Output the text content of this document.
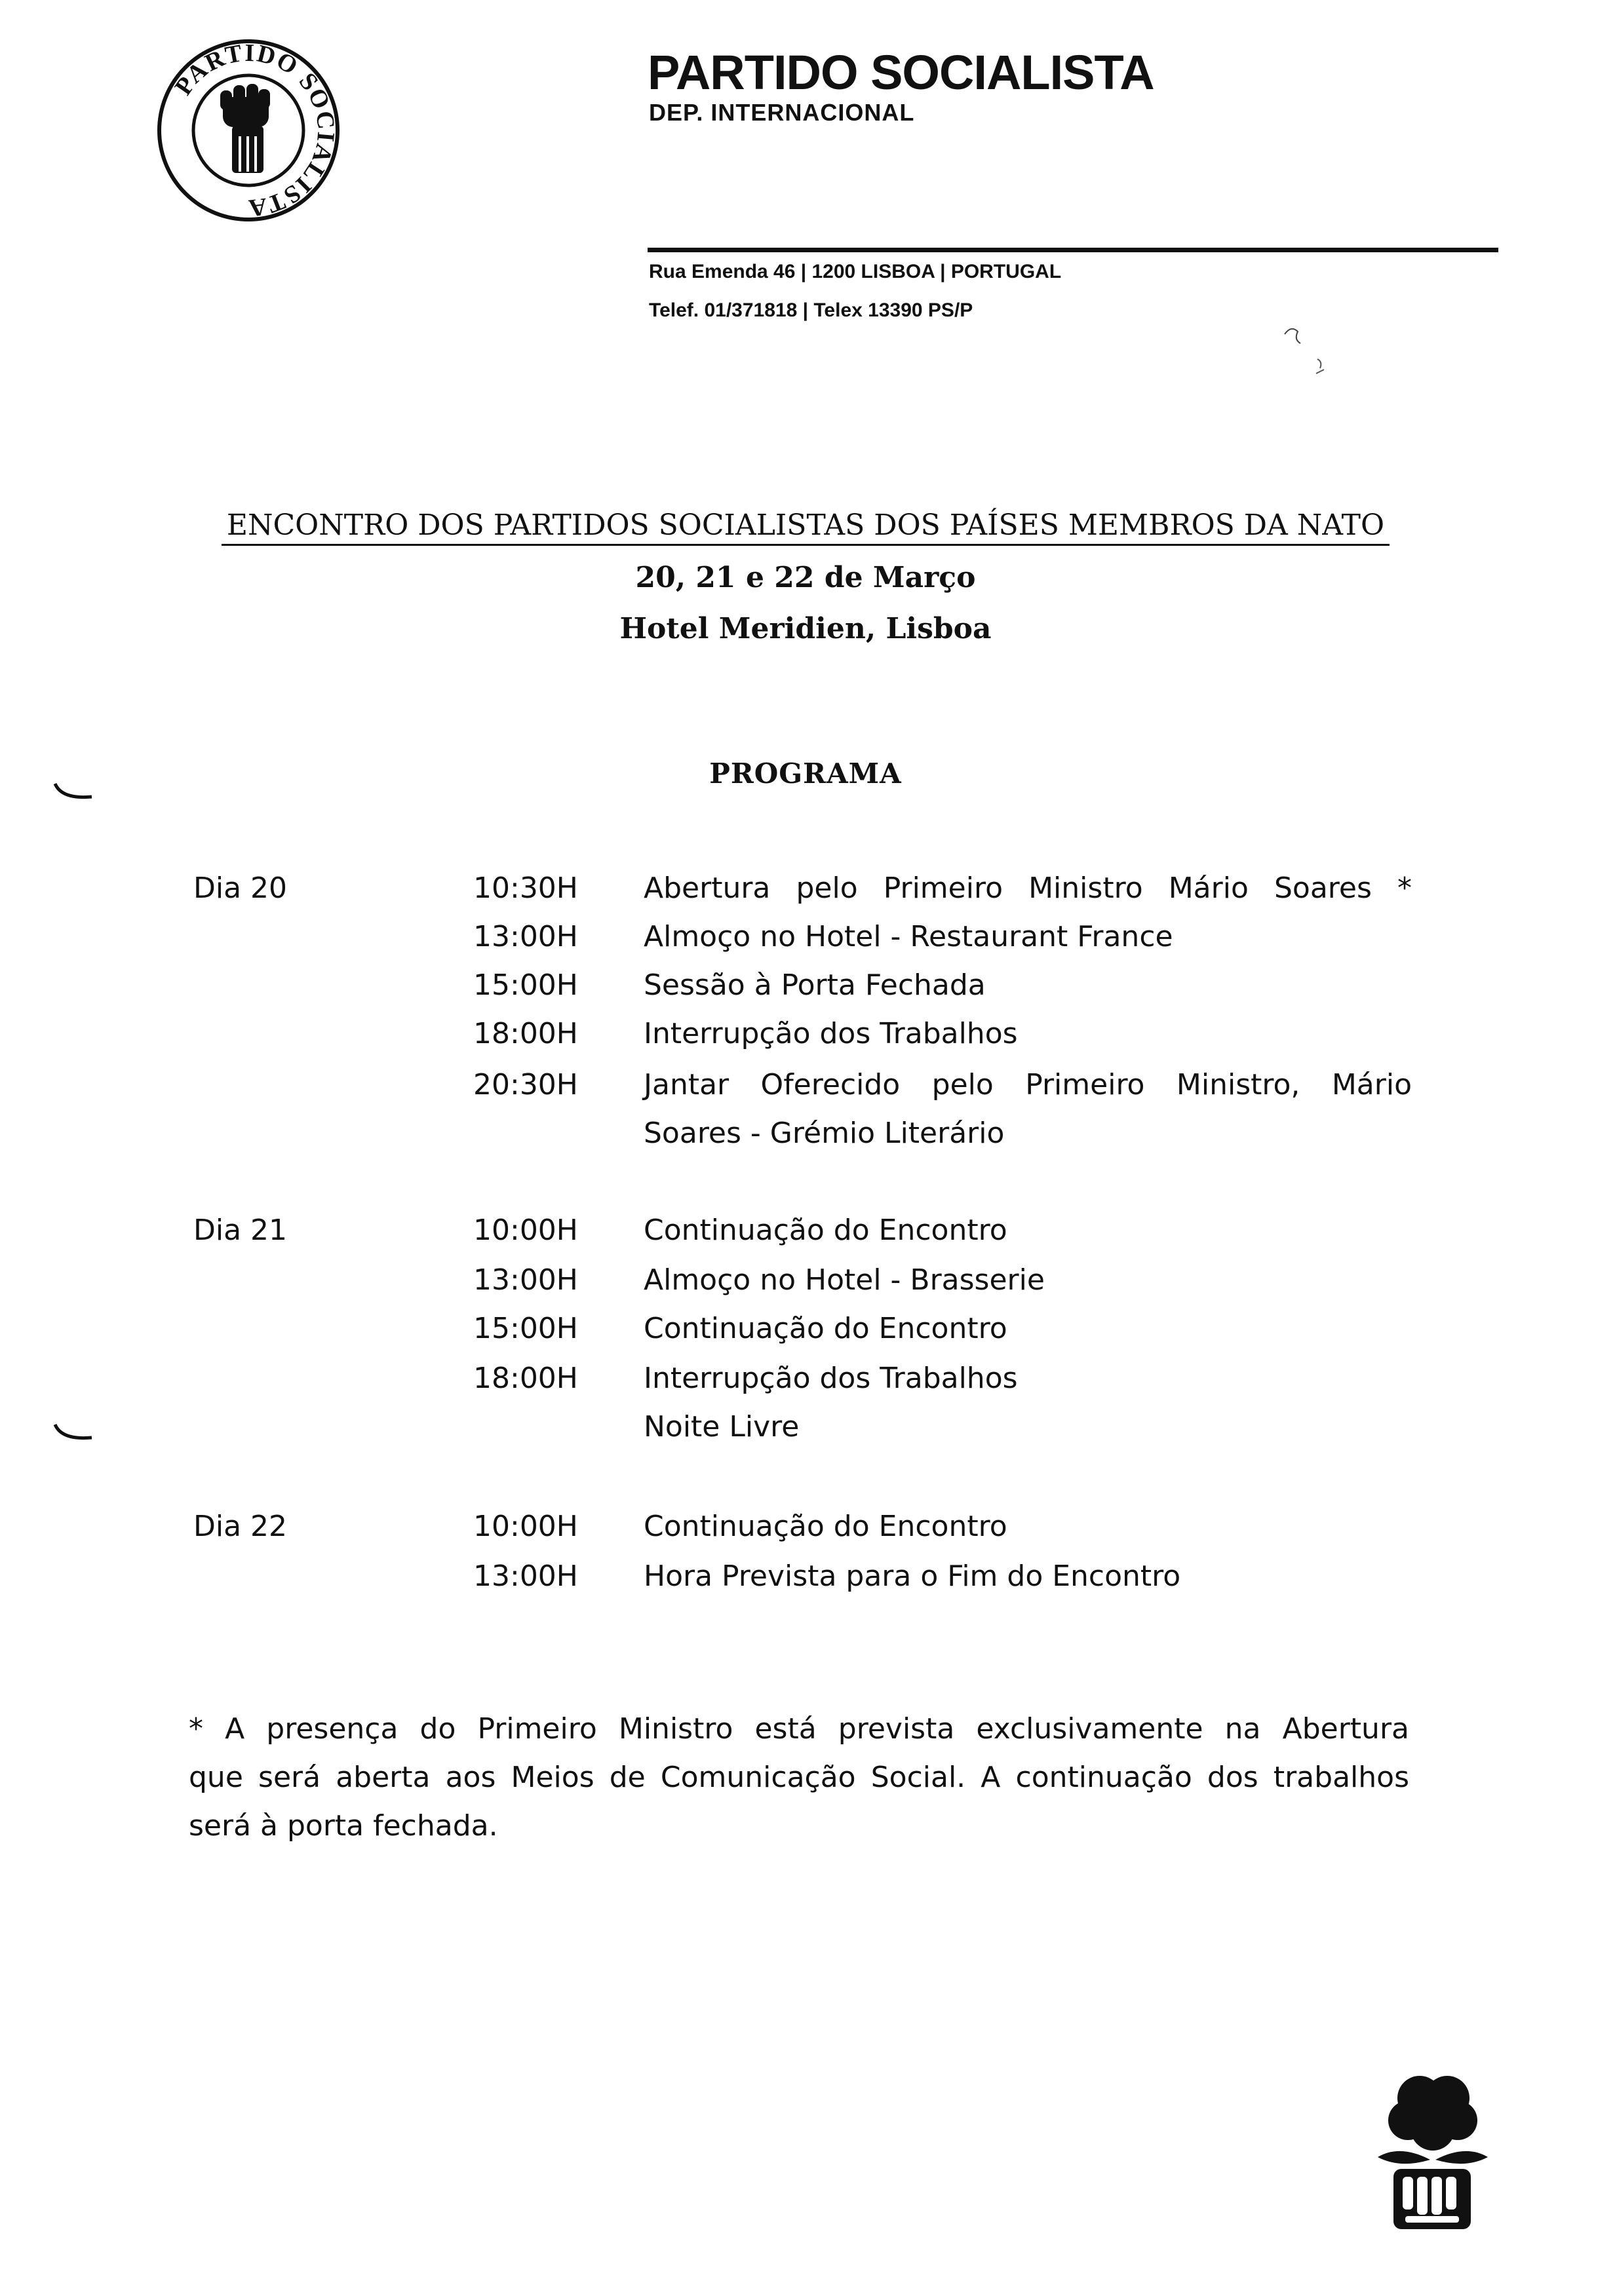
PARTIDO SOCIALISTA
PARTIDO SOCIALISTA
DEP. INTERNACIONAL
Rua Emenda 46 | 1200 LISBOA | PORTUGAL
Telef. 01/371818 | Telex 13390 PS/P
ENCONTRO DOS PARTIDOS SOCIALISTAS DOS PAÍSES MEMBROS DA NATO
20, 21 e 22 de Março
Hotel Meridien, Lisboa
PROGRAMA
Dia 20	10:30H Abertura pelo Primeiro Ministro Mário Soares *
13:00H Almoço no Hotel - Restaurant France
15:00H Sessão à Porta Fechada
18:00H Interrupção dos Trabalhos
20:30H Jantar Oferecido pelo Primeiro Ministro, Mário
Soares - Grémio Literário
Dia 21	10:00H Continuação do Encontro
13:00H Almoço no Hotel - Brasserie
15:00H Continuação do Encontro
18:00H Interrupção dos Trabalhos
Noite Livre
Dia 22	10:00H Continuação do Encontro
13:00H Hora Prevista para o Fim do Encontro

* A presença do Primeiro Ministro está prevista exclusivamente na Abertura

que será aberta aos Meios de Comunicação Social. A continuação dos trabalhos

será à porta fechada.
